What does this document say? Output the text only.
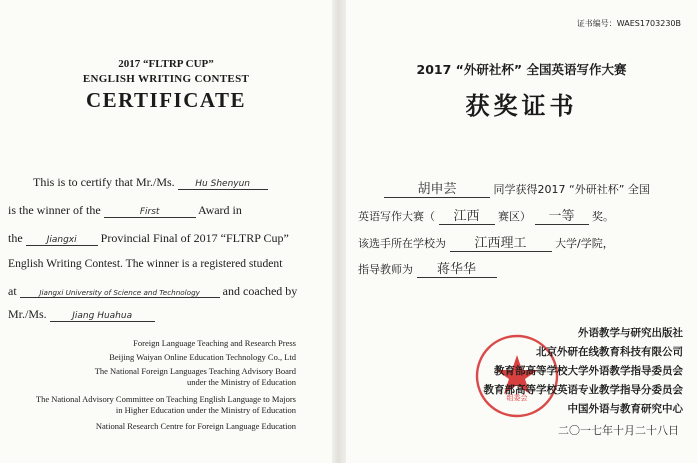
2017 “FLTRP CUP”
ENGLISH WRITING CONTEST
CERTIFICATE
This is to certify that Mr./Ms. Hu Shenyun
is the winner of the	First	Award in
the	Jiangxi Provincial Final of 2017 “FLTRP Cup”
English Writing Contest. The winner is a registered student
at	Jiangxi University of Science and Technology and coached by
Mr./Ms.	Jiang Huahua
Foreign Language Teaching and Research Press
Beijing Waiyan Online Education Technology Co., Ltd
The National Foreign Languages Teaching Advisory Board
under the Ministry of Education
The National Advisory Committee on Teaching English Language to Majors
in Higher Education under the Ministry of Education
National Research Centre for Foreign Language Education
证书编号：WAES1703230B
2017 “外研社杯” 全国英语写作大赛
获奖证书
胡申芸	同学获得2017 “外研社杯” 全国
英语写作大赛（ 江西 赛区） 一等 奖。
该选手所在学校为 江西理工	大学/学院，
指导教师为 蒋华华
组委会
外语教学与研究出版社
北京外研在线教育科技有限公司
教育部高等学校大学外语教学指导委员会
教育部高等学校英语专业教学指导分委员会
中国外语与教育研究中心
二〇一七年十月二十八日
